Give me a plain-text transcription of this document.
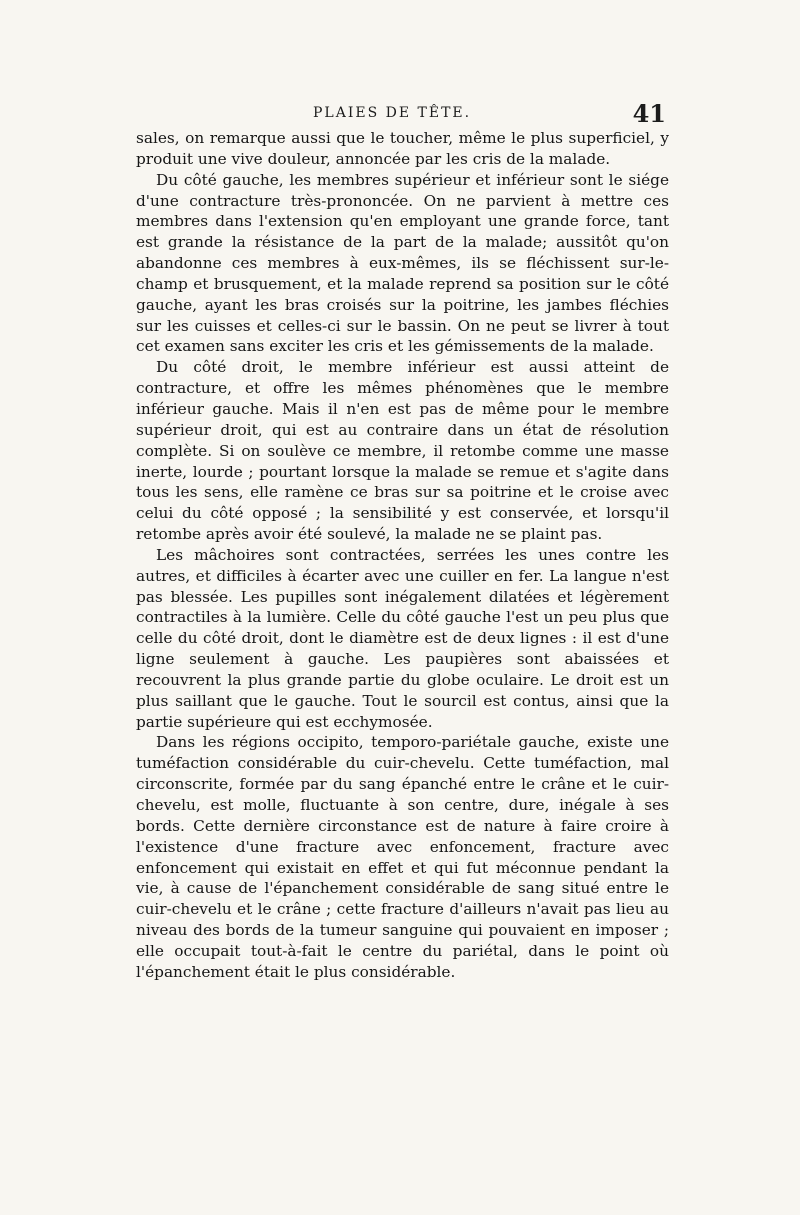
PLAIES DE TÊTE.	41

sales, on remarque aussi que le toucher, même le plus superficiel, y produit une vive douleur, annoncée par les cris de la malade.

Du côté gauche, les membres supérieur et inférieur sont le siége d'une contracture très-prononcée. On ne parvient à mettre ces membres dans l'extension qu'en employant une grande force, tant est grande la résistance de la part de la malade; aussitôt qu'on abandonne ces membres à eux-mêmes, ils se fléchissent sur-le-champ et brusquement, et la malade reprend sa position sur le côté gauche, ayant les bras croisés sur la poitrine, les jambes fléchies sur les cuisses et celles-ci sur le bassin. On ne peut se livrer à tout cet examen sans exciter les cris et les gémissements de la malade.

Du côté droit, le membre inférieur est aussi atteint de contracture, et offre les mêmes phénomènes que le membre inférieur gauche. Mais il n'en est pas de même pour le membre supérieur droit, qui est au contraire dans un état de résolution complète. Si on soulève ce membre, il retombe comme une masse inerte, lourde ; pourtant lorsque la malade se remue et s'agite dans tous les sens, elle ramène ce bras sur sa poitrine et le croise avec celui du côté opposé ; la sensibilité y est conservée, et lorsqu'il retombe après avoir été soulevé, la malade ne se plaint pas.

Les mâchoires sont contractées, serrées les unes contre les autres, et difficiles à écarter avec une cuiller en fer. La langue n'est pas blessée. Les pupilles sont inégalement dilatées et légèrement contractiles à la lumière. Celle du côté gauche l'est un peu plus que celle du côté droit, dont le diamètre est de deux lignes : il est d'une ligne seulement à gauche. Les paupières sont abaissées et recouvrent la plus grande partie du globe oculaire. Le droit est un plus saillant que le gauche. Tout le sourcil est contus, ainsi que la partie supérieure qui est ecchymosée.

Dans les régions occipito, temporo-pariétale gauche, existe une tuméfaction considérable du cuir-chevelu. Cette tuméfaction, mal circonscrite, formée par du sang épanché entre le crâne et le cuir-chevelu, est molle, fluctuante à son centre, dure, inégale à ses bords. Cette dernière circonstance est de nature à faire croire à l'existence d'une fracture avec enfoncement, fracture avec enfoncement qui existait en effet et qui fut méconnue pendant la vie, à cause de l'épanchement considérable de sang situé entre le cuir-chevelu et le crâne ; cette fracture d'ailleurs n'avait pas lieu au niveau des bords de la tumeur sanguine qui pouvaient en imposer ; elle occupait tout-à-fait le centre du pariétal, dans le point où l'épanchement était le plus considérable.
